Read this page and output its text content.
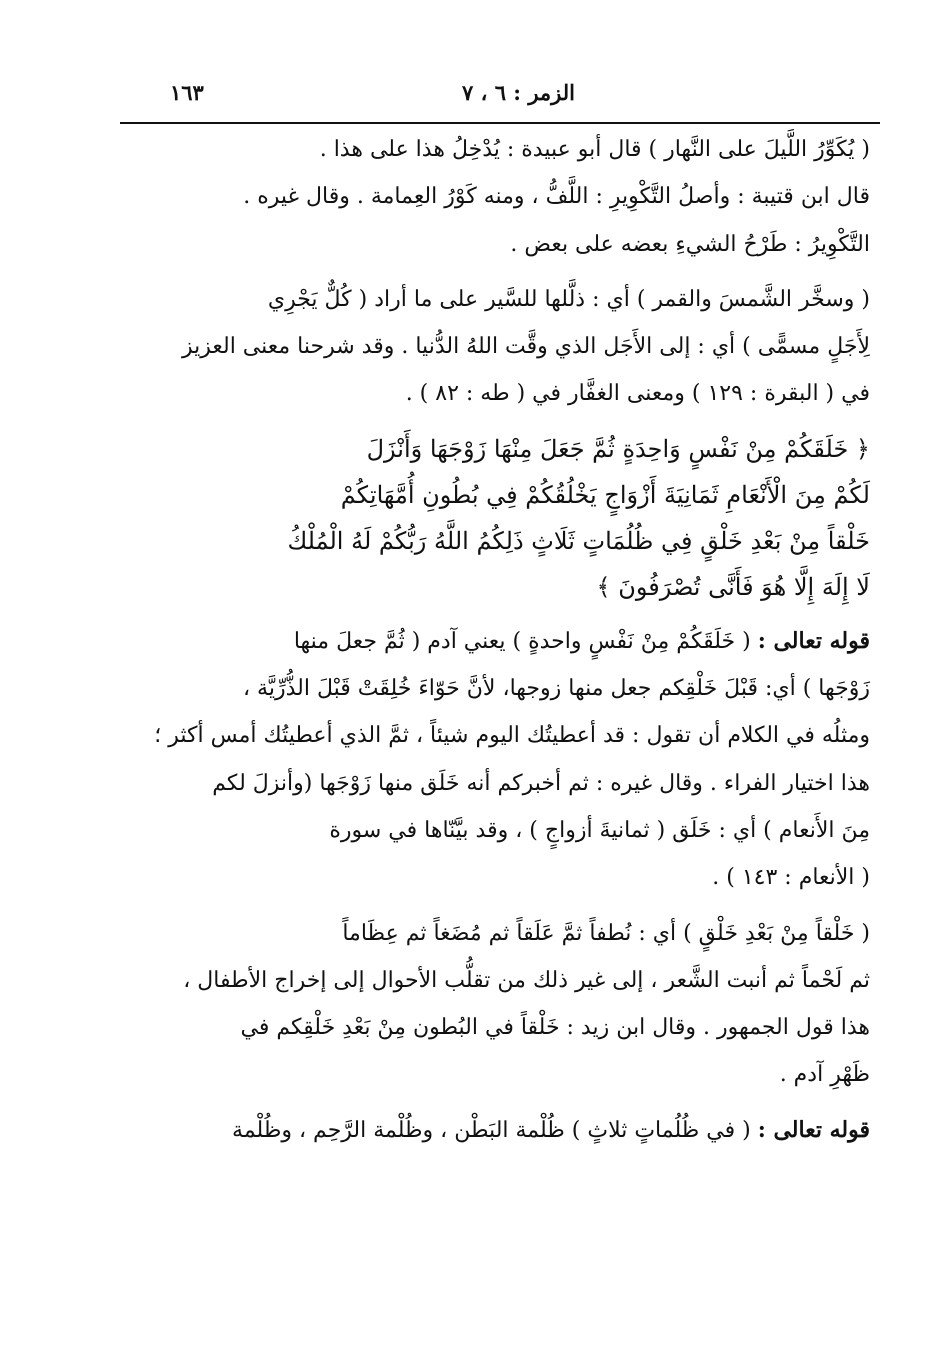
الزمر : ٦ ، ٧
١٦٣

( يُكَوِّرُ اللَّيلَ على النَّهار ) قال أبو عبيدة : يُدْخِلُ هذا على هذا .

قال ابن قتيبة : وأصلُ التَّكْوِيرِ : اللَّفُّ ، ومنه كَوْرُ العِمامة . وقال غيره .

التَّكْوِيرُ : طَرْحُ الشيءِ بعضه على بعض .

( وسخَّر الشَّمسَ والقمر ) أي : ذلَّلها للسَّير على ما أراد ( كُلٌّ يَجْرِي

لِأَجَلٍ مسمًّى ) أي : إلى الأَجَل الذي وقَّت اللهُ الدُّنيا . وقد شرحنا معنى العزيز

في ( البقرة : ١٢٩ ) ومعنى الغفَّار في ( طه : ٨٢ ) .

﴿ خَلَقَكُمْ مِنْ نَفْسٍ وَاحِدَةٍ ثُمَّ جَعَلَ مِنْهَا زَوْجَهَا وَأَنْزَلَ

لَكُمْ مِنَ الْأَنْعَامِ ثَمَانِيَةَ أَزْوَاجٍ يَخْلُقُكُمْ فِي بُطُونِ أُمَّهَاتِكُمْ

خَلْقاً مِنْ بَعْدِ خَلْقٍ فِي ظُلُمَاتٍ ثَلَاثٍ ذَلِكُمُ اللَّهُ رَبُّكُمْ لَهُ الْمُلْكُ

لَا إِلَهَ إِلَّا هُوَ فَأَنَّى تُصْرَفُونَ ﴾

قوله تعالى : ( خَلَقَكُمْ مِنْ نَفْسٍ واحدةٍ ) يعني آدم ( ثُمَّ جعلَ منها

زَوْجَها ) أي: قَبْلَ خَلْقِكم جعل منها زوجها، لأنَّ حَوّاءَ خُلِقَتْ قَبْلَ الذُّرِّيَّة ،

ومثلُه في الكلام أن تقول : قد أعطيتُك اليوم شيئاً ، ثمَّ الذي أعطيتُك أمس أكثر ؛

هذا اختيار الفراء . وقال غيره : ثم أخبركم أنه خَلَق منها زَوْجَها (وأنزلَ لكم

مِنَ الأَنعام ) أي : خَلَق ( ثمانيةَ أزواجٍ ) ، وقد بيَّنّاها في سورة

( الأنعام : ١٤٣ ) .

( خَلْقاً مِنْ بَعْدِ خَلْقٍ ) أي : نُطفاً ثمَّ عَلَقاً ثم مُضَغاً ثم عِظَاماً

ثم لَحْماً ثم أنبت الشَّعر ، إلى غير ذلك من تقلُّب الأحوال إلى إخراج الأطفال ،

هذا قول الجمهور . وقال ابن زيد : خَلْقاً في البُطون مِنْ بَعْدِ خَلْقِكم في

ظَهْرِ آدم .

قوله تعالى : ( في ظُلُماتٍ ثلاثٍ ) ظُلْمة البَطْن ، وظُلْمة الرَّحِم ، وظُلْمة
